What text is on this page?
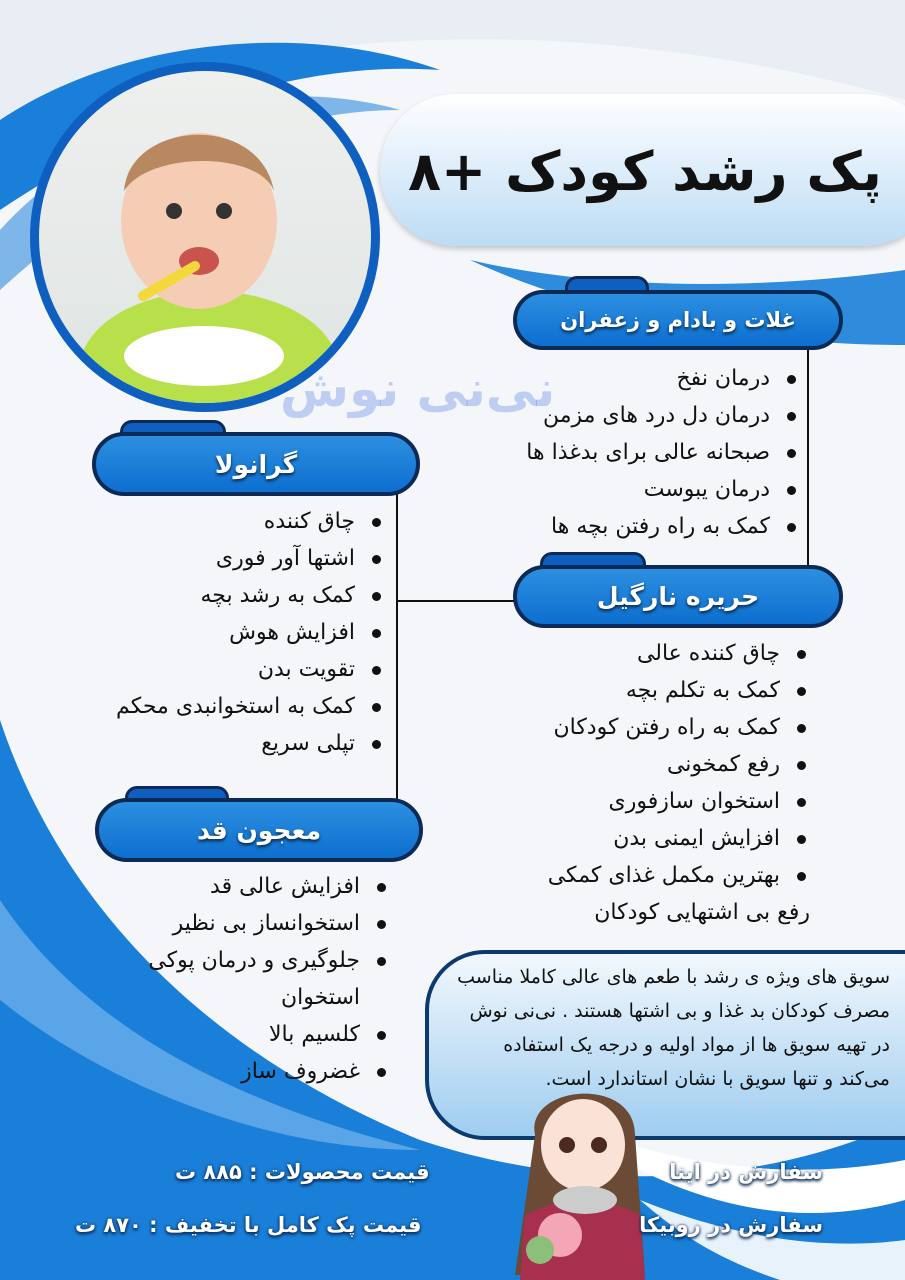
پک رشد کودک +۸
نی‌نی نوش
غلات و بادام و زعفران
درمان نفخ
درمان دل درد های مزمن
صبحانه عالی برای بدغذا ها
درمان یبوست
کمک به راه رفتن بچه ها
گرانولا
چاق کننده
اشتها آور فوری
کمک به رشد بچه
افزایش هوش
تقویت بدن
کمک به استخوانبدی محکم
تپلی سریع
حریره نارگیل
چاق کننده عالی
کمک به تکلم بچه
کمک به راه رفتن کودکان
رفع کمخونی
استخوان سازفوری
افزایش ایمنی بدن
بهترین مکمل غذای کمکی
رفع بی اشتهایی کودکان
معجون قد
افزایش عالی قد
استخوانساز بی نظیر
جلوگیری و درمان پوکی استخوان
کلسیم بالا
غضروف ساز
سویق های ویژه ی رشد با طعم های عالی کاملا مناسب مصرف کودکان بد غذا و بی اشتها هستند . نی‌نی نوش در تهیه سویق ها از مواد اولیه و درجه یک استفاده می‌کند و تنها سویق با نشان استاندارد است.
سفارش در ایتا
سفارش در روبیکا
قیمت محصولات : ۸۸۵ ت
قیمت پک کامل با تخفیف : ۸۷۰ ت
